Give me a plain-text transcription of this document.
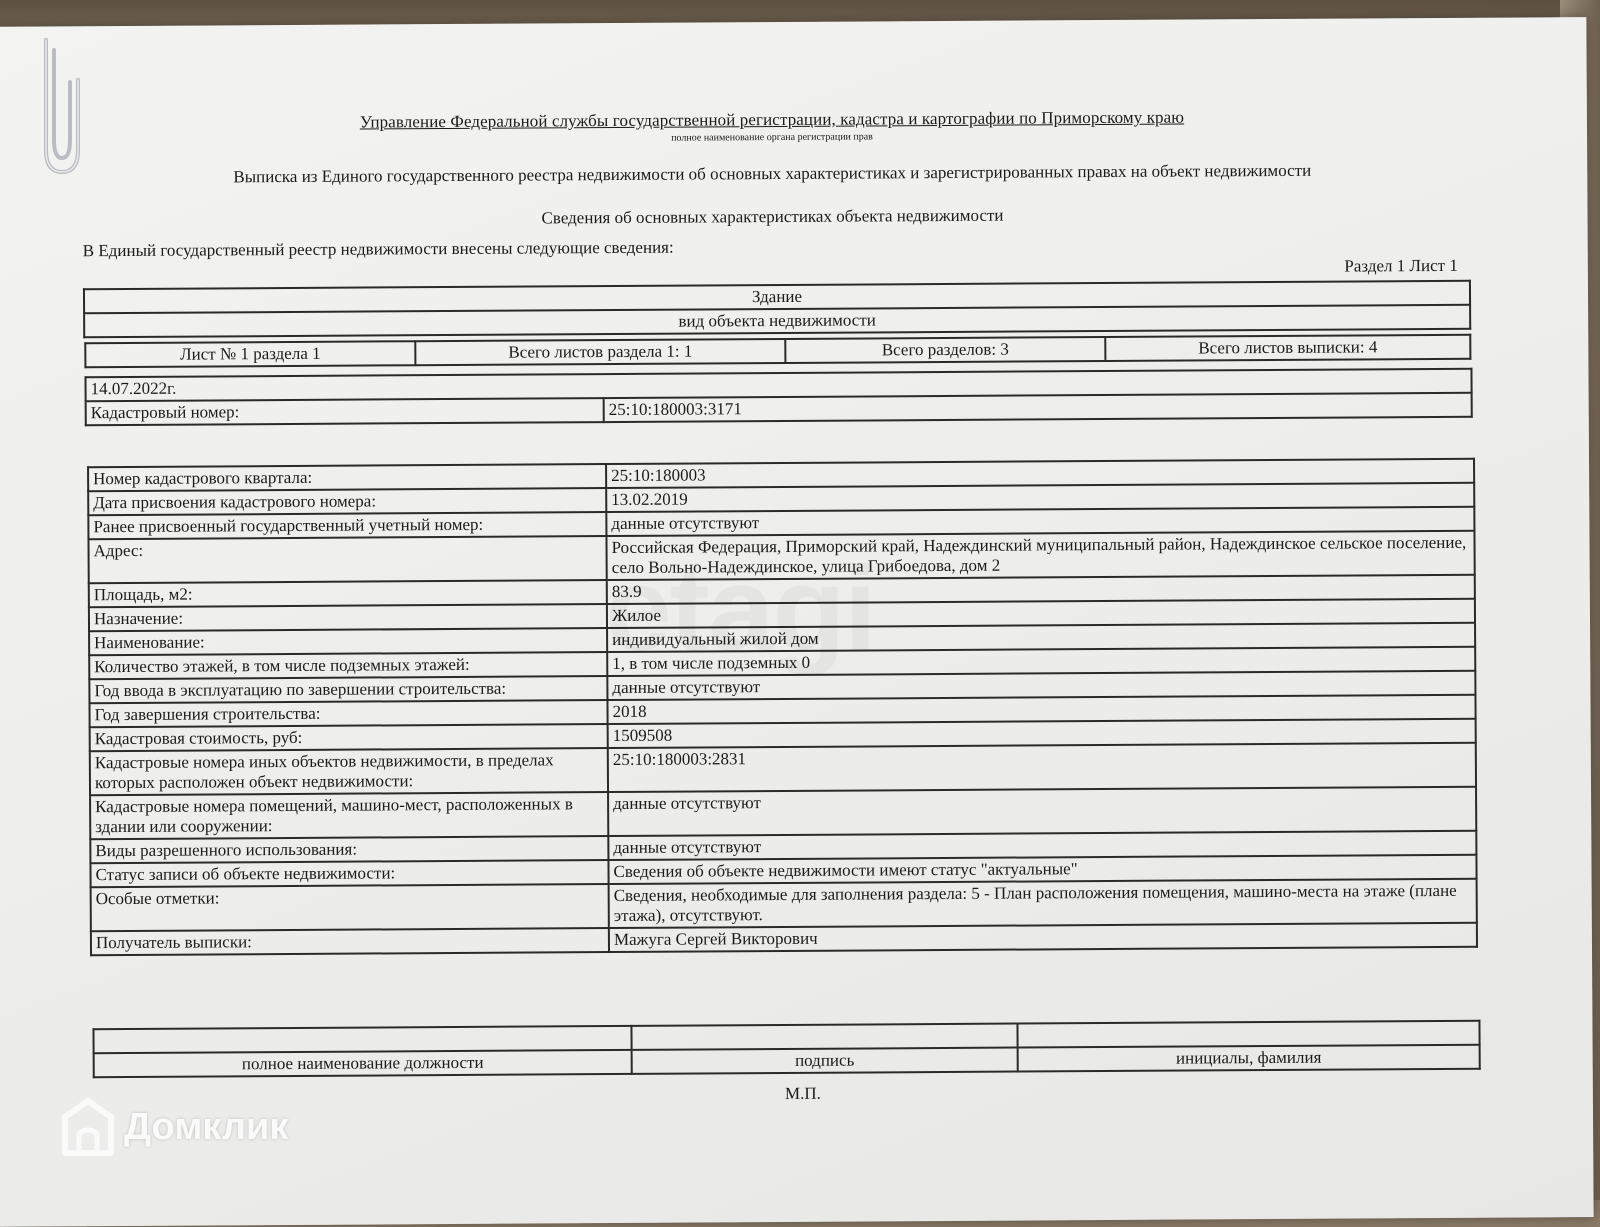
Управление Федеральной службы государственной регистрации, кадастра и картографии по Приморскому краю
полное наименование органа регистрации прав
Выписка из Единого государственного реестра недвижимости об основных характеристиках и зарегистрированных правах на объект недвижимости
Сведения об основных характеристиках объекта недвижимости
В Единый государственный реестр недвижимости внесены следующие сведения:
Раздел 1 Лист 1
Здание
вид объекта недвижимости
Лист № 1 раздела 1	Всего листов раздела 1: 1	Всего разделов: 3	Всего листов выписки: 4
14.07.2022г.
Кадастровый номер:	25:10:180003:3171
Номер кадастрового квартала:	25:10:180003
Дата присвоения кадастрового номера:	13.02.2019
Ранее присвоенный государственный учетный номер:	данные отсутствуют
Адрес:	Российская Федерация, Приморский край, Надеждинский муниципальный район, Надеждинское сельское поселение, село Вольно-Надеждинское, улица Грибоедова, дом 2
Площадь, м2:	83.9
Назначение:	Жилое
Наименование:	индивидуальный жилой дом
Количество этажей, в том числе подземных этажей:	1, в том числе подземных 0
Год ввода в эксплуатацию по завершении строительства:	данные отсутствуют
Год завершения строительства:	2018
Кадастровая стоимость, руб:	1509508
Кадастровые номера иных объектов недвижимости, в пределах которых расположен объект недвижимости:	25:10:180003:2831
Кадастровые номера помещений, машино-мест, расположенных в здании или сооружении:	данные отсутствуют
Виды разрешенного использования:	данные отсутствуют
Статус записи об объекте недвижимости:	Сведения об объекте недвижимости имеют статус "актуальные"
Особые отметки:	Сведения, необходимые для заполнения раздела: 5 - План расположения помещения, машино-места на этаже (плане этажа), отсутствуют.
Получатель выписки:	Мажуга Сергей Викторович

полное наименование должности	подпись	инициалы, фамилия
М.П.
Домклик
